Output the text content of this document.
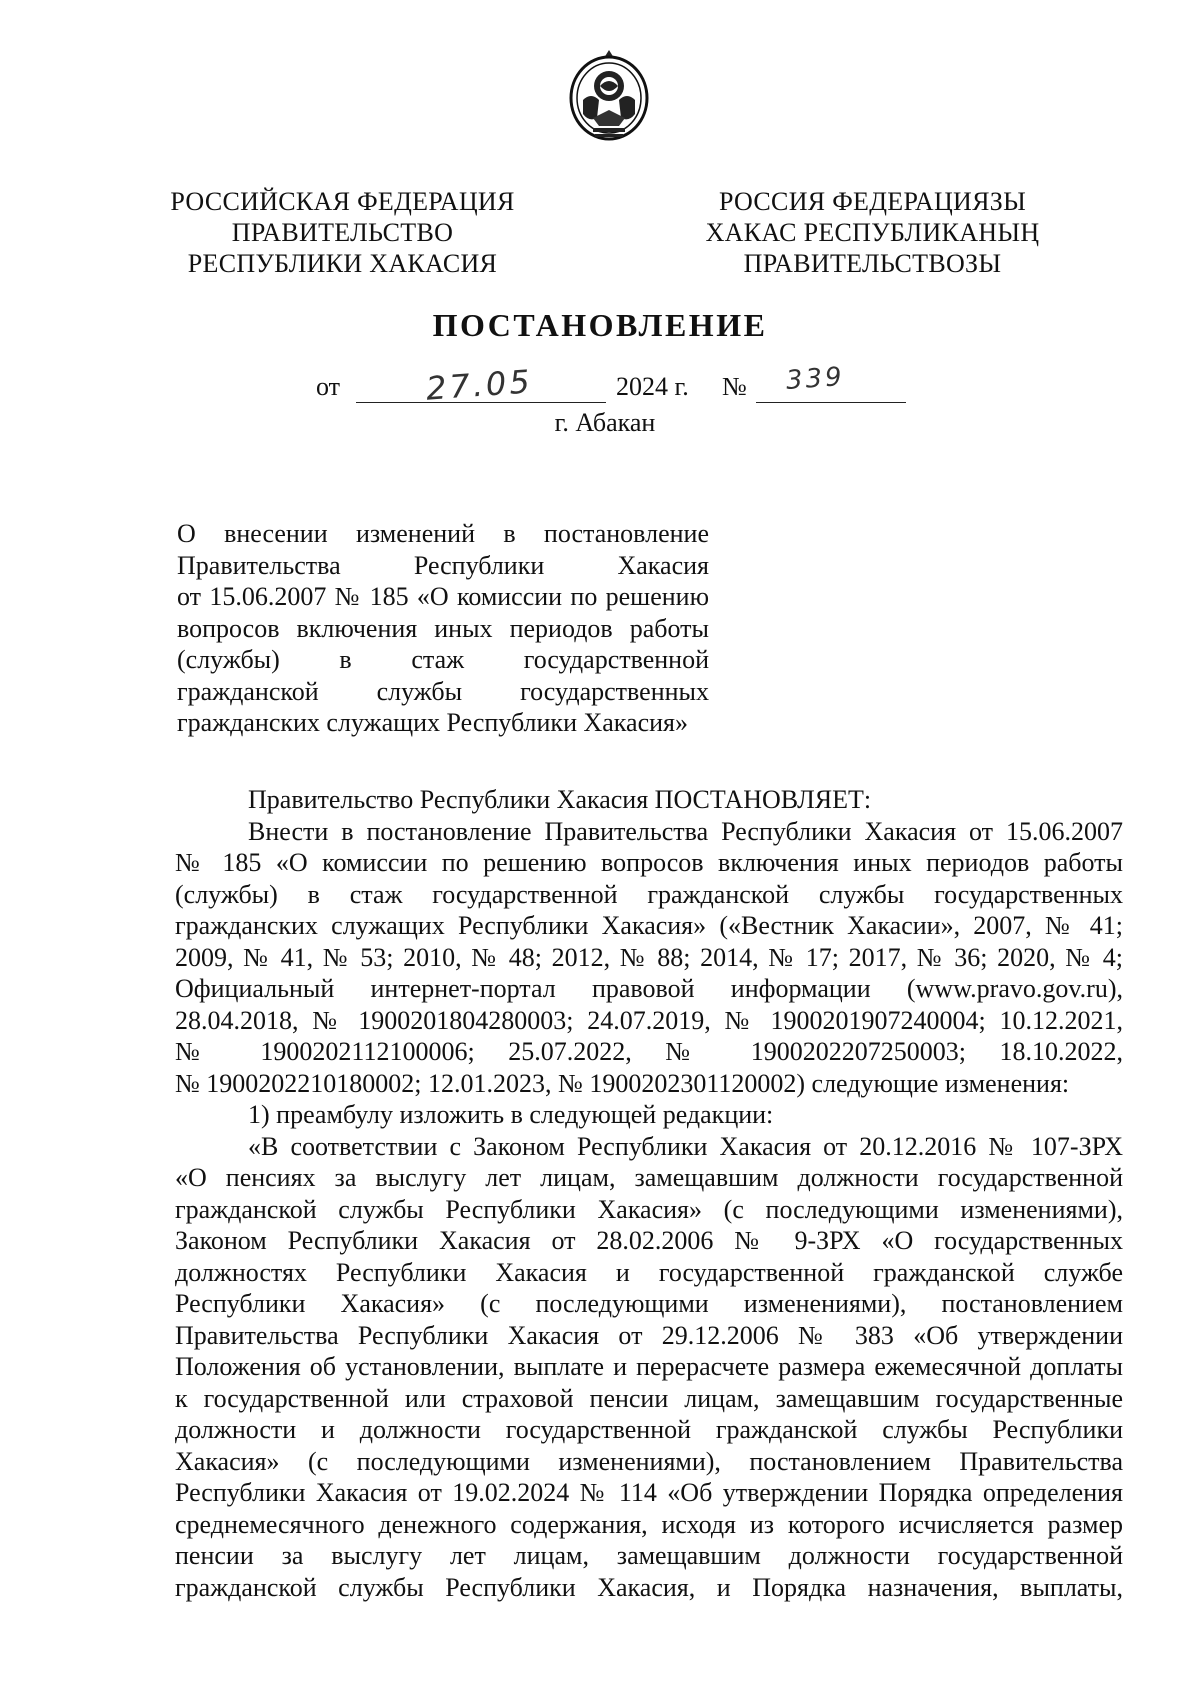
РОССИЙСКАЯ ФЕДЕРАЦИЯ
ПРАВИТЕЛЬСТВО
РЕСПУБЛИКИ ХАКАСИЯ
РОССИЯ ФЕДЕРАЦИЯЗЫ
ХАКАС РЕСПУБЛИКАНЫҢ
ПРАВИТЕЛЬСТВОЗЫ
ПОСТАНОВЛЕНИЕ
от	27.05	2024 г. № 339
г. Абакан
О внесении изменений в постановление
Правительства Республики Хакасия
от 15.06.2007 № 185 «О комиссии по решению
вопросов включения иных периодов работы
(службы) в стаж государственной
гражданской службы государственных
гражданских служащих Республики Хакасия»
Правительство Республики Хакасия ПОСТАНОВЛЯЕТ:
Внести в постановление Правительства Республики Хакасия от 15.06.2007
№ 185 «О комиссии по решению вопросов включения иных периодов работы
(службы) в стаж государственной гражданской службы государственных
гражданских служащих Республики Хакасия» («Вестник Хакасии», 2007, № 41;
2009, № 41, № 53; 2010, № 48; 2012, № 88; 2014, № 17; 2017, № 36; 2020, № 4;
Официальный интернет-портал правовой информации (www.pravo.gov.ru),
28.04.2018, № 1900201804280003; 24.07.2019, № 1900201907240004; 10.12.2021,
№ 1900202112100006; 25.07.2022, № 1900202207250003; 18.10.2022,
№ 1900202210180002; 12.01.2023, № 1900202301120002) следующие изменения:
1) преамбулу изложить в следующей редакции:
«В соответствии с Законом Республики Хакасия от 20.12.2016 № 107-ЗРХ
«О пенсиях за выслугу лет лицам, замещавшим должности государственной
гражданской службы Республики Хакасия» (с последующими изменениями),
Законом Республики Хакасия от 28.02.2006 № 9-ЗРХ «О государственных
должностях Республики Хакасия и государственной гражданской службе
Республики Хакасия» (с последующими изменениями), постановлением
Правительства Республики Хакасия от 29.12.2006 № 383 «Об утверждении
Положения об установлении, выплате и перерасчете размера ежемесячной доплаты
к государственной или страховой пенсии лицам, замещавшим государственные
должности и должности государственной гражданской службы Республики
Хакасия» (с последующими изменениями), постановлением Правительства
Республики Хакасия от 19.02.2024 № 114 «Об утверждении Порядка определения
среднемесячного денежного содержания, исходя из которого исчисляется размер
пенсии за выслугу лет лицам, замещавшим должности государственной
гражданской службы Республики Хакасия, и Порядка назначения, выплаты,
